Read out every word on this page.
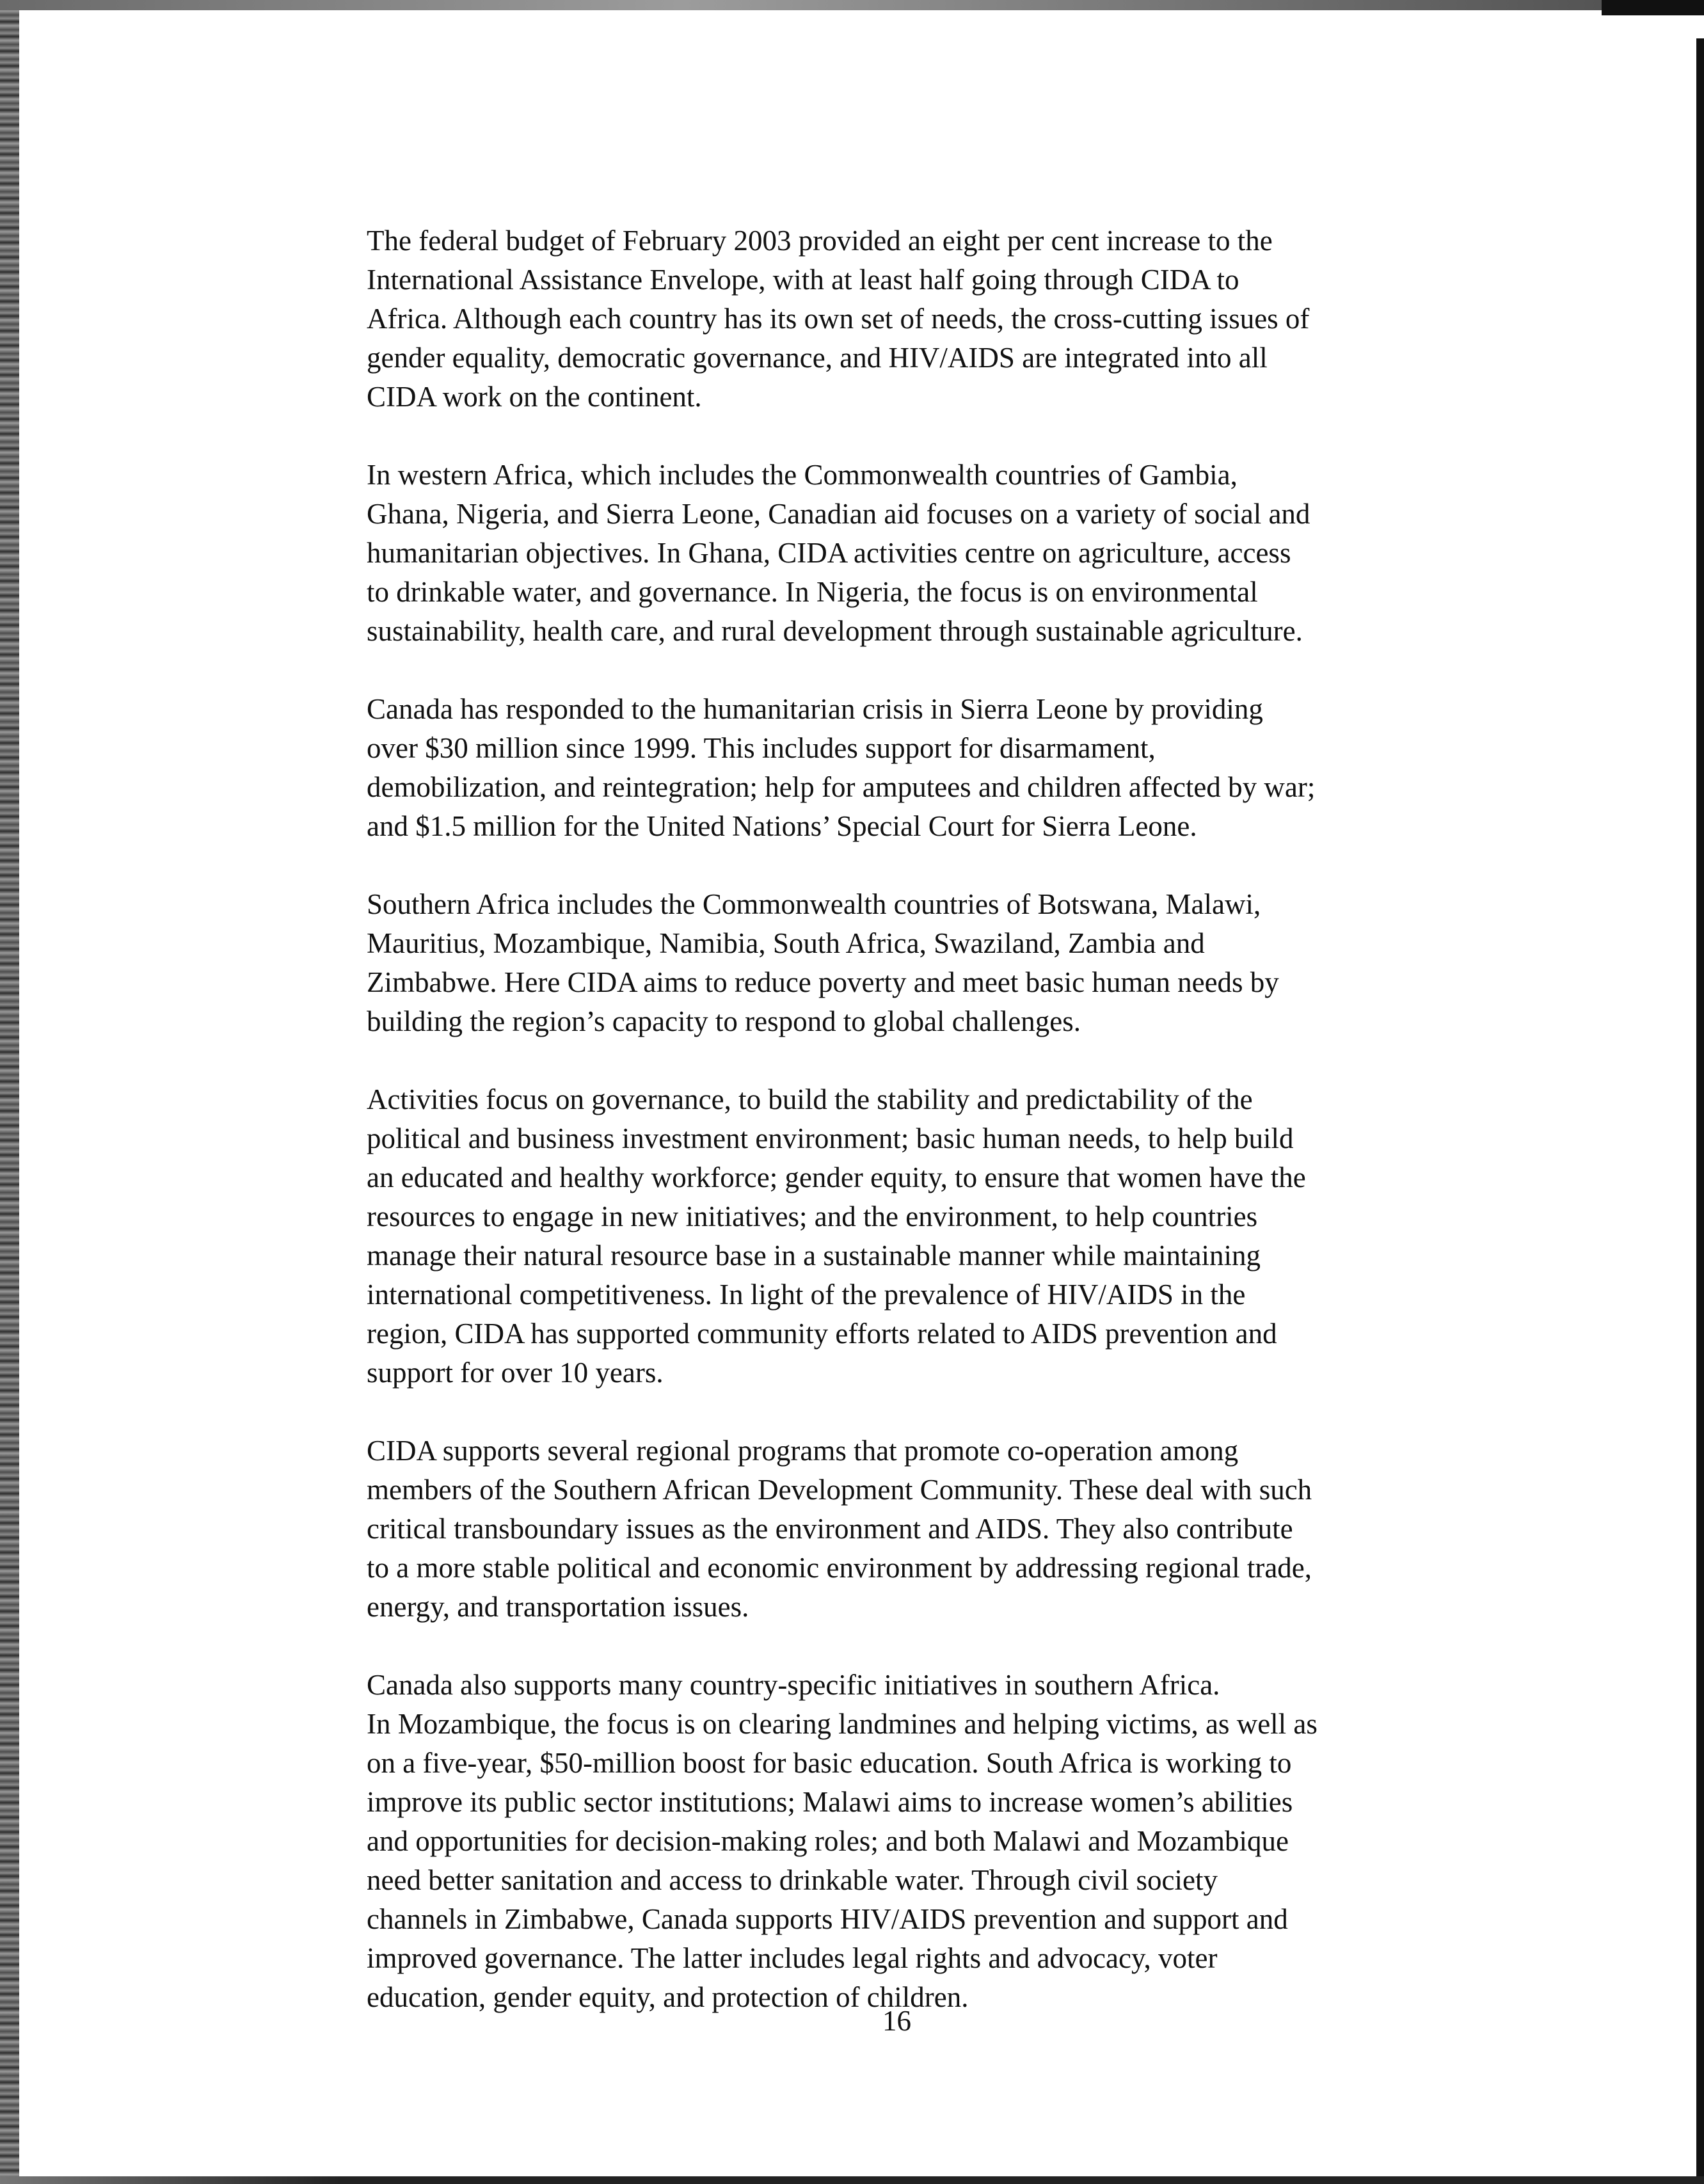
The federal budget of February 2003 provided an eight per cent increase to the
International Assistance Envelope, with at least half going through CIDA to
Africa. Although each country has its own set of needs, the cross-cutting issues of
gender equality, democratic governance, and HIV/AIDS are integrated into all
CIDA work on the continent.

In western Africa, which includes the Commonwealth countries of Gambia,
Ghana, Nigeria, and Sierra Leone, Canadian aid focuses on a variety of social and
humanitarian objectives. In Ghana, CIDA activities centre on agriculture, access
to drinkable water, and governance. In Nigeria, the focus is on environmental
sustainability, health care, and rural development through sustainable agriculture.

Canada has responded to the humanitarian crisis in Sierra Leone by providing
over $30 million since 1999. This includes support for disarmament,
demobilization, and reintegration; help for amputees and children affected by war;
and $1.5 million for the United Nations’ Special Court for Sierra Leone.

Southern Africa includes the Commonwealth countries of Botswana, Malawi,
Mauritius, Mozambique, Namibia, South Africa, Swaziland, Zambia and
Zimbabwe. Here CIDA aims to reduce poverty and meet basic human needs by
building the region’s capacity to respond to global challenges.

Activities focus on governance, to build the stability and predictability of the
political and business investment environment; basic human needs, to help build
an educated and healthy workforce; gender equity, to ensure that women have the
resources to engage in new initiatives; and the environment, to help countries
manage their natural resource base in a sustainable manner while maintaining
international competitiveness. In light of the prevalence of HIV/AIDS in the
region, CIDA has supported community efforts related to AIDS prevention and
support for over 10 years.

CIDA supports several regional programs that promote co-operation among
members of the Southern African Development Community. These deal with such
critical transboundary issues as the environment and AIDS. They also contribute
to a more stable political and economic environment by addressing regional trade,
energy, and transportation issues.

Canada also supports many country-specific initiatives in southern Africa.
In Mozambique, the focus is on clearing landmines and helping victims, as well as
on a five-year, $50-million boost for basic education. South Africa is working to
improve its public sector institutions; Malawi aims to increase women’s abilities
and opportunities for decision-making roles; and both Malawi and Mozambique
need better sanitation and access to drinkable water. Through civil society
channels in Zimbabwe, Canada supports HIV/AIDS prevention and support and
improved governance. The latter includes legal rights and advocacy, voter
education, gender equity, and protection of children.

16
